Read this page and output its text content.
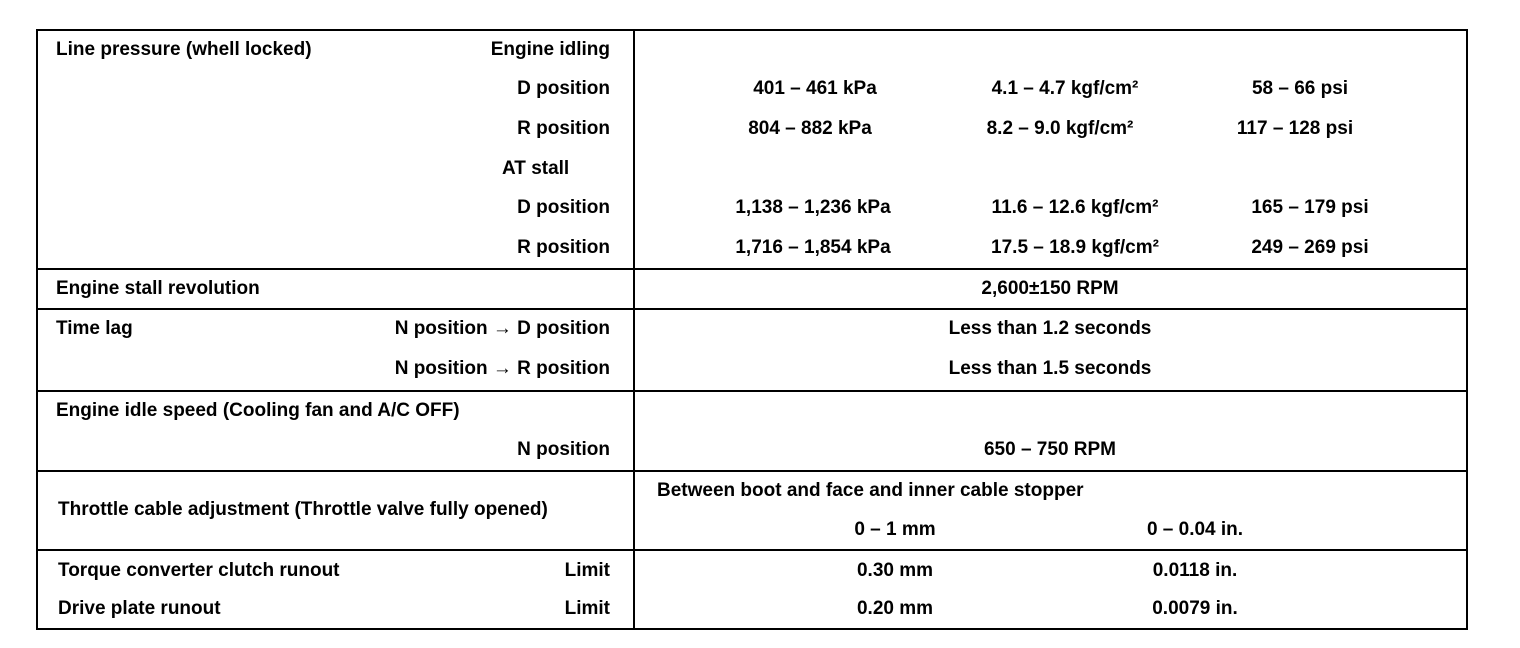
Line pressure (whell locked)	Engine idling
D position	401 – 461 kPa	4.1 – 4.7 kgf/cm²	58 – 66 psi
R position	804 – 882 kPa	8.2 – 9.0 kgf/cm²	117 – 128 psi
AT stall
D position	1,138 – 1,236 kPa	11.6 – 12.6 kgf/cm²	165 – 179 psi
R position	1,716 – 1,854 kPa	17.5 – 18.9 kgf/cm²	249 – 269 psi
Engine stall revolution	2,600±150 RPM
Time lag	N position → D position	Less than 1.2 seconds
N position → R position	Less than 1.5 seconds
Engine idle speed (Cooling fan and A/C OFF)
N position	650 – 750 RPM
Throttle cable adjustment (Throttle valve fully opened)
Between boot and face and inner cable stopper
0 – 1 mm	0 – 0.04 in.
Torque converter clutch runout	Limit	0.30 mm	0.0118 in.
Drive plate runout	Limit	0.20 mm	0.0079 in.
